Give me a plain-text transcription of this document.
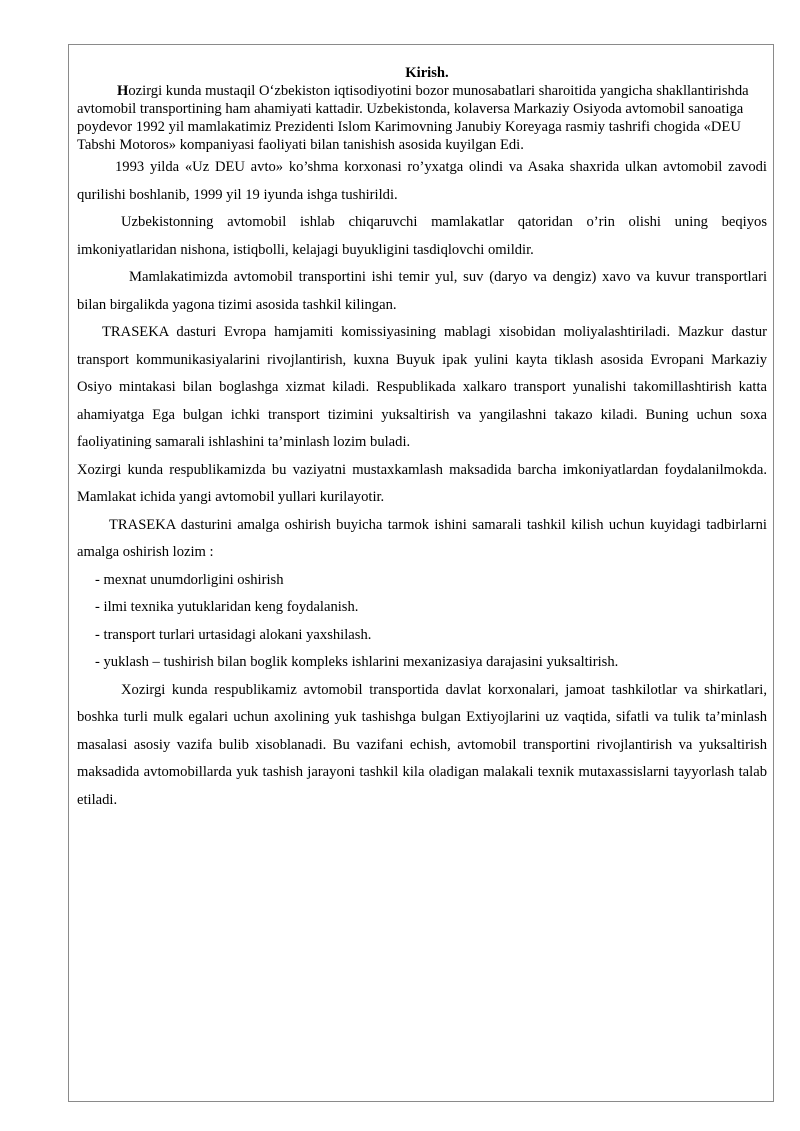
Kirish.

Hozirgi kunda mustaqil O‘zbekiston iqtisodiyotini bozor munosabatlari sharoitida yangicha shakllantirishda avtomobil transportining ham ahamiyati kattadir. Uzbekistonda, kolaversa Markaziy Osiyoda avtomobil sanoatiga poydevor 1992 yil mamlakatimiz Prezidenti Islom Karimovning Janubiy Koreyaga rasmiy tashrifi chogida «DEU Tabshi Motoros» kompaniyasi faoliyati bilan tanishish asosida kuyilgan Edi.

1993 yilda «Uz DEU avto» ko’shma korxonasi ro’yxatga olindi va Asaka shaxrida ulkan avtomobil zavodi qurilishi boshlanib, 1999 yil 19 iyunda ishga tushirildi.

Uzbekistonning avtomobil ishlab chiqaruvchi mamlakatlar qatoridan o’rin olishi uning beqiyos imkoniyatlaridan nishona, istiqbolli, kelajagi buyukligini tasdiqlovchi omildir.

Mamlakatimizda avtomobil transportini ishi temir yul, suv (daryo va dengiz) xavo va kuvur transportlari bilan birgalikda yagona tizimi asosida tashkil kilingan.

TRASEKA dasturi Evropa hamjamiti komissiyasining mablagi xisobidan moliyalashtiriladi. Mazkur dastur transport kommunikasiyalarini rivojlantirish, kuxna Buyuk ipak yulini kayta tiklash asosida Evropani Markaziy Osiyo mintakasi bilan boglashga xizmat kiladi. Respublikada xalkaro transport yunalishi takomillashtirish katta ahamiyatga Ega bulgan ichki transport tizimini yuksaltirish va yangilashni takazo kiladi. Buning uchun soxa faoliyatining samarali ishlashini ta’minlash lozim buladi.

Xozirgi kunda respublikamizda bu vaziyatni mustaxkamlash maksadida barcha imkoniyatlardan foydalanilmokda. Mamlakat ichida yangi avtomobil yullari kurilayotir.

TRASEKA dasturini amalga oshirish buyicha tarmok ishini samarali tashkil kilish uchun kuyidagi tadbirlarni amalga oshirish lozim :

- mexnat unumdorligini oshirish
- ilmi texnika yutuklaridan keng foydalanish.
- transport turlari urtasidagi alokani yaxshilash.
- yuklash – tushirish bilan boglik kompleks ishlarini mexanizasiya darajasini yuksaltirish.

Xozirgi kunda respublikamiz avtomobil transportida davlat korxonalari, jamoat tashkilotlar va shirkatlari, boshka turli mulk egalari uchun axolining yuk tashishga bulgan Extiyojlarini uz vaqtida, sifatli va tulik ta’minlash masalasi asosiy vazifa bulib xisoblanadi. Bu vazifani echish, avtomobil transportini rivojlantirish va yuksaltirish maksadida avtomobillarda yuk tashish jarayoni tashkil kila oladigan malakali texnik mutaxassislarni tayyorlash talab etiladi.
